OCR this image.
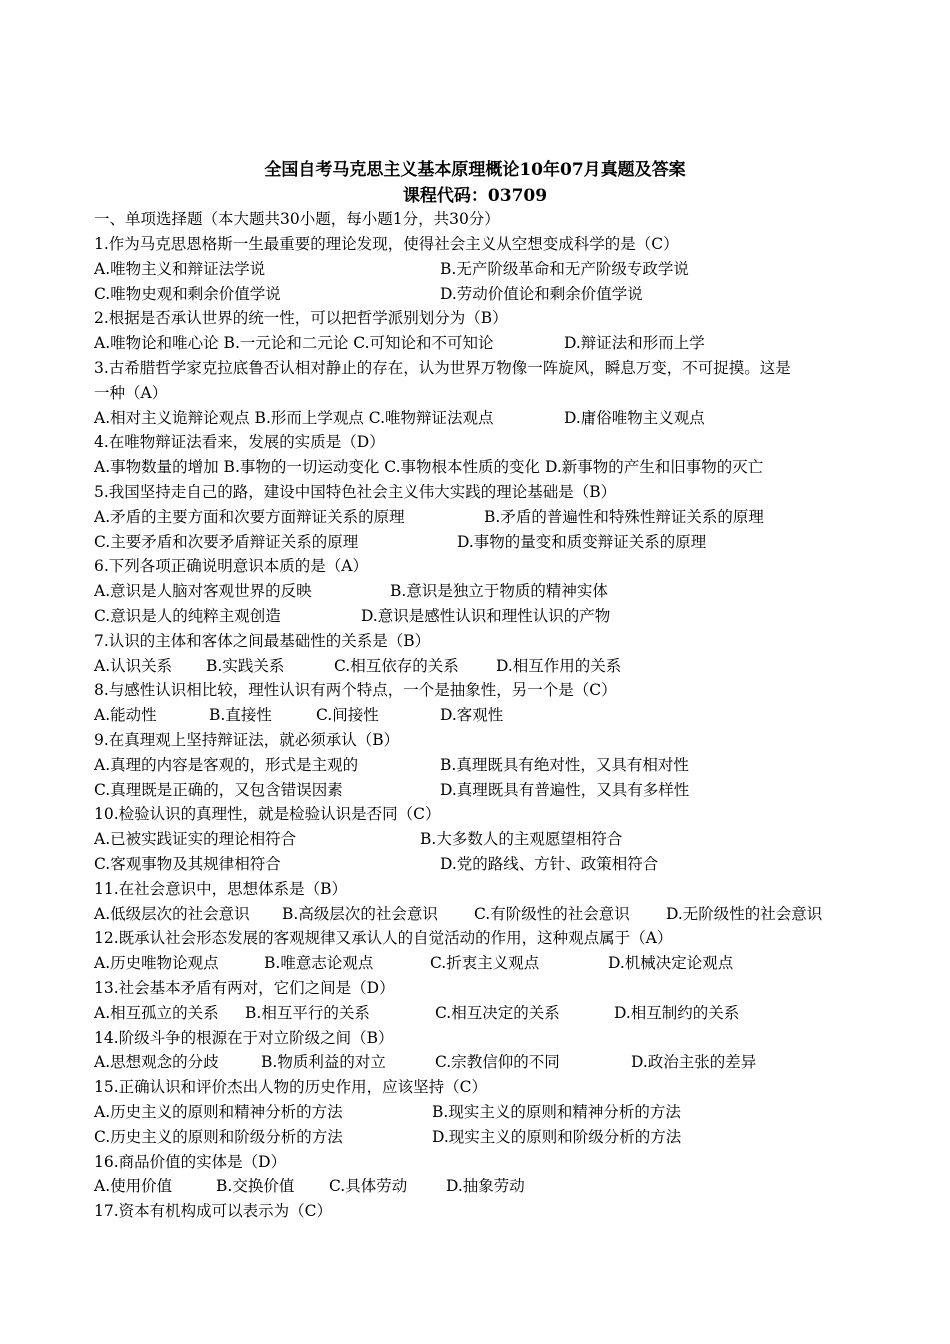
全国自考马克思主义基本原理概论10年07月真题及答案
课程代码：03709
一、单项选择题（本大题共30小题，每小题1分，共30分）
1.作为马克思恩格斯一生最重要的理论发现，使得社会主义从空想变成科学的是（C）
A.唯物主义和辩证法学说	B.无产阶级革命和无产阶级专政学说
C.唯物史观和剩余价值学说	D.劳动价值论和剩余价值学说
2.根据是否承认世界的统一性，可以把哲学派别划分为（B）
A.唯物论和唯心论 B.一元论和二元论 C.可知论和不可知论	D.辩证法和形而上学
3.古希腊哲学家克拉底鲁否认相对静止的存在，认为世界万物像一阵旋风，瞬息万变，不可捉摸。这是
一种（A）
A.相对主义诡辩论观点 B.形而上学观点 C.唯物辩证法观点	D.庸俗唯物主义观点
4.在唯物辩证法看来，发展的实质是（D）
A.事物数量的增加 B.事物的一切运动变化 C.事物根本性质的变化 D.新事物的产生和旧事物的灭亡
5.我国坚持走自己的路，建设中国特色社会主义伟大实践的理论基础是（B）
A.矛盾的主要方面和次要方面辩证关系的原理	B.矛盾的普遍性和特殊性辩证关系的原理
C.主要矛盾和次要矛盾辩证关系的原理	D.事物的量变和质变辩证关系的原理
6.下列各项正确说明意识本质的是（A）
A.意识是人脑对客观世界的反映	B.意识是独立于物质的精神实体
C.意识是人的纯粹主观创造	D.意识是感性认识和理性认识的产物
7.认识的主体和客体之间最基础性的关系是（B）
A.认识关系 B.实践关系	C.相互依存的关系 D.相互作用的关系
8.与感性认识相比较，理性认识有两个特点，一个是抽象性，另一个是（C）
A.能动性	B.直接性	C.间接性	D.客观性
9.在真理观上坚持辩证法，就必须承认（B）
A.真理的内容是客观的，形式是主观的	B.真理既具有绝对性，又具有相对性
C.真理既是正确的，又包含错误因素	D.真理既具有普遍性，又具有多样性
10.检验认识的真理性，就是检验认识是否同（C）
A.已被实践证实的理论相符合	B.大多数人的主观愿望相符合
C.客观事物及其规律相符合	D.党的路线、方针、政策相符合
11.在社会意识中，思想体系是（B）
A.低级层次的社会意识 B.高级层次的社会意识 C.有阶级性的社会意识 D.无阶级性的社会意识
12.既承认社会形态发展的客观规律又承认人的自觉活动的作用，这种观点属于（A）
A.历史唯物论观点	B.唯意志论观点	C.折衷主义观点	D.机械决定论观点
13.社会基本矛盾有两对，它们之间是（D）
A.相互孤立的关系 B.相互平行的关系	C.相互决定的关系	D.相互制约的关系
14.阶级斗争的根源在于对立阶级之间（B）
A.思想观念的分歧	B.物质利益的对立	C.宗教信仰的不同	D.政治主张的差异
15.正确认识和评价杰出人物的历史作用，应该坚持（C）
A.历史主义的原则和精神分析的方法	B.现实主义的原则和精神分析的方法
C.历史主义的原则和阶级分析的方法	D.现实主义的原则和阶级分析的方法
16.商品价值的实体是（D）
A.使用价值	B.交换价值 C.具体劳动	D.抽象劳动
17.资本有机构成可以表示为（C）
